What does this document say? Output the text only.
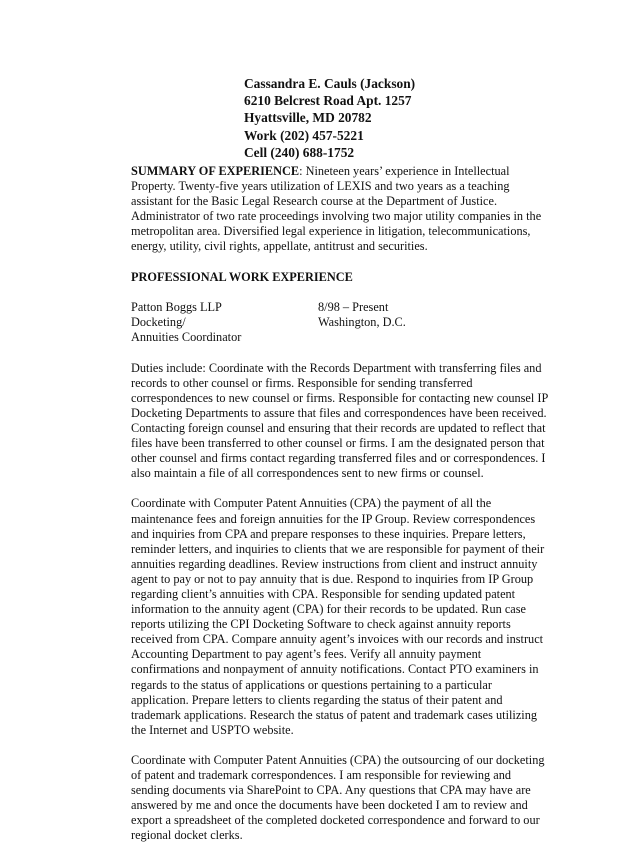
Cassandra E. Cauls (Jackson)
6210 Belcrest Road Apt. 1257
Hyattsville, MD 20782
Work (202) 457-5221
Cell (240) 688-1752

SUMMARY OF EXPERIENCE: Nineteen years’ experience in Intellectual Property. Twenty-five years utilization of LEXIS and two years as a teaching assistant for the Basic Legal Research course at the Department of Justice. Administrator of two rate proceedings involving two major utility companies in the metropolitan area. Diversified legal experience in litigation, telecommunications, energy, utility, civil rights, appellate, antitrust and securities.

PROFESSIONAL WORK EXPERIENCE
Patton Boggs LLP
Docketing/
Annuities Coordinator
8/98 – Present
Washington, D.C.

Duties include: Coordinate with the Records Department with transferring files and records to other counsel or firms. Responsible for sending transferred correspondences to new counsel or firms. Responsible for contacting new counsel IP Docketing Departments to assure that files and correspondences have been received. Contacting foreign counsel and ensuring that their records are updated to reflect that files have been transferred to other counsel or firms. I am the designated person that other counsel and firms contact regarding transferred files and or correspondences. I also maintain a file of all correspondences sent to new firms or counsel.

Coordinate with Computer Patent Annuities (CPA) the payment of all the maintenance fees and foreign annuities for the IP Group. Review correspondences and inquiries from CPA and prepare responses to these inquiries. Prepare letters, reminder letters, and inquiries to clients that we are responsible for payment of their annuities regarding deadlines. Review instructions from client and instruct annuity agent to pay or not to pay annuity that is due. Respond to inquiries from IP Group regarding client’s annuities with CPA. Responsible for sending updated patent information to the annuity agent (CPA) for their records to be updated. Run case reports utilizing the CPI Docketing Software to check against annuity reports received from CPA. Compare annuity agent’s invoices with our records and instruct Accounting Department to pay agent’s fees. Verify all annuity payment confirmations and nonpayment of annuity notifications. Contact PTO examiners in regards to the status of applications or questions pertaining to a particular application. Prepare letters to clients regarding the status of their patent and trademark applications. Research the status of patent and trademark cases utilizing the Internet and USPTO website.

Coordinate with Computer Patent Annuities (CPA) the outsourcing of our docketing of patent and trademark correspondences. I am responsible for reviewing and sending documents via SharePoint to CPA. Any questions that CPA may have are answered by me and once the documents have been docketed I am to review and export a spreadsheet of the completed docketed correspondence and forward to our regional docket clerks.
